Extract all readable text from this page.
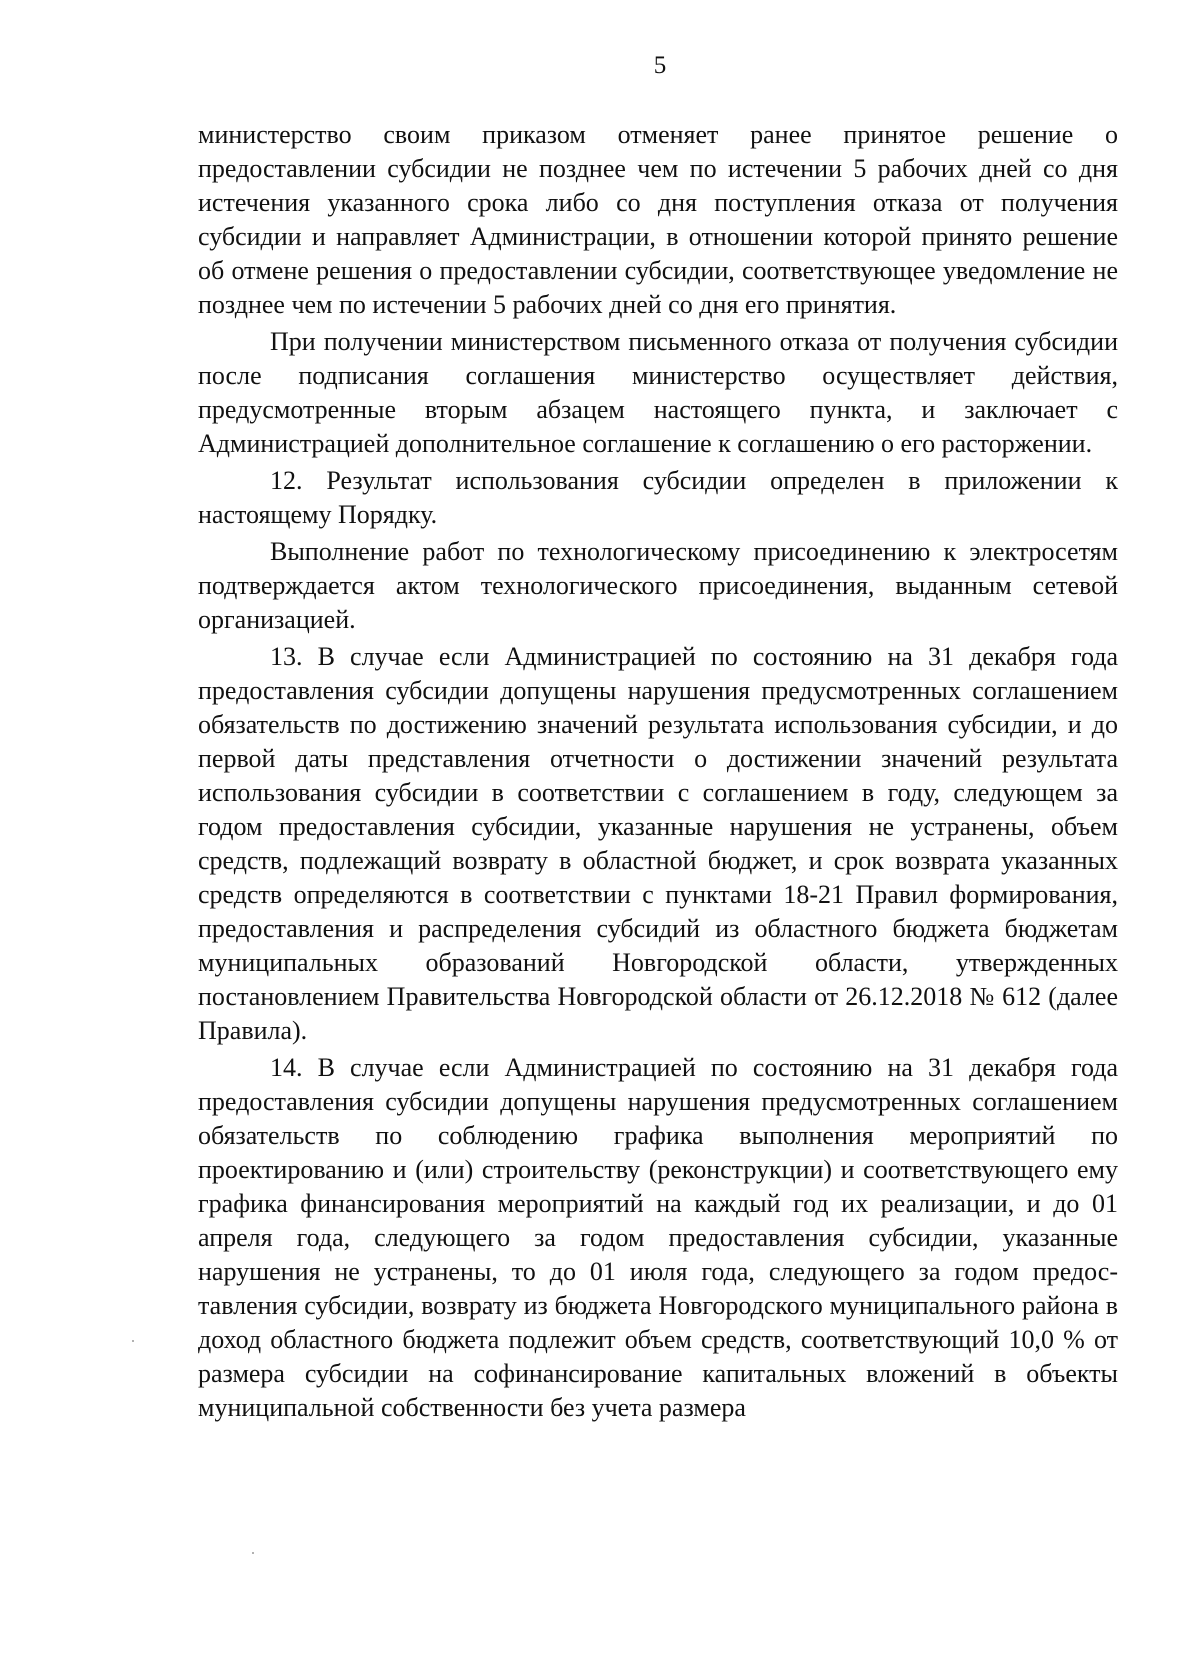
5

министерство своим приказом отменяет ранее принятое решение о предоставлении субсидии не позднее чем по истечении 5 рабочих дней со дня истечения указанного срока либо со дня поступления отказа от получения субсидии и направляет Администрации, в отношении которой принято решение об отмене решения о предоставлении субсидии, соответствующее уведомление не позднее чем по истечении 5 рабочих дней со дня его принятия.

При получении министерством письменного отказа от получения субсидии после подписания соглашения министерство осуществляет действия, предусмотренные вторым абзацем настоящего пункта, и заключает с Администрацией дополнительное соглашение к соглашению о его расторжении.

12. Результат использования субсидии определен в приложении к настоящему Порядку.

Выполнение работ по технологическому присоединению к электросетям подтверждается актом технологического присоединения, выданным сетевой организацией.

13. В случае если Администрацией по состоянию на 31 декабря года предоставления субсидии допущены нарушения предусмотренных соглашением обязательств по достижению значений результата использования субсидии, и до первой даты представления отчетности о достижении значений результата использования субсидии в соответствии с соглашением в году, следующем за годом предоставления субсидии, указанные нарушения не устранены, объем средств, подлежащий возврату в областной бюджет, и срок возврата указанных средств определяются в соответствии с пунктами 18-21 Правил формирования, предоставления и распределения субсидий из областного бюджета бюджетам муниципальных образований Новгородской области, утвержденных постановлением Правительства Новгородской области от 26.12.2018 № 612 (далее Правила).

14. В случае если Администрацией по состоянию на 31 декабря года предоставления субсидии допущены нарушения предусмотренных соглашением обязательств по соблюдению графика выполнения мероприятий по проектированию и (или) строительству (реконструкции) и соответствующего ему графика финансирования мероприятий на каждый год их реализации, и до 01 апреля года, следующего за годом предоставления субсидии, указанные нарушения не устранены, то до 01 июля года, следующего за годом предоставления субсидии, возврату из бюджета Новгородского муниципального района в доход областного бюджета подлежит объем средств, соответствующий 10,0 % от размера субсидии на софинансирование капитальных вложений в объекты муниципальной собственности без учета размера
